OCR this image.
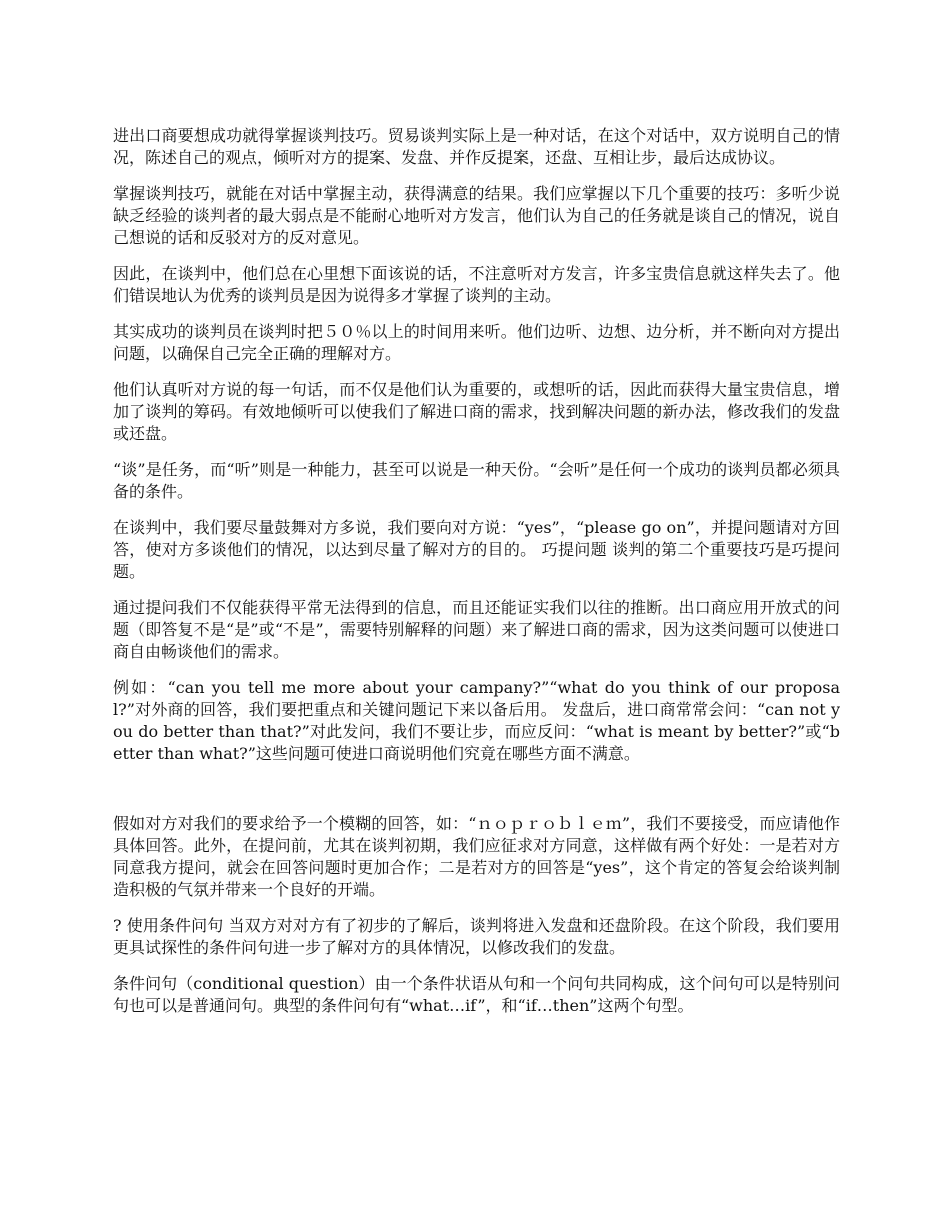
进出口商要想成功就得掌握谈判技巧。贸易谈判实际上是一种对话，在这个对话中，双方说明自己的情况，陈述自己的观点，倾听对方的提案、发盘、并作反提案，还盘、互相让步，最后达成协议。

掌握谈判技巧，就能在对话中掌握主动，获得满意的结果。我们应掌握以下几个重要的技巧：多听少说缺乏经验的谈判者的最大弱点是不能耐心地听对方发言，他们认为自己的任务就是谈自己的情况，说自己想说的话和反驳对方的反对意见。

因此，在谈判中，他们总在心里想下面该说的话，不注意听对方发言，许多宝贵信息就这样失去了。他们错误地认为优秀的谈判员是因为说得多才掌握了谈判的主动。

其实成功的谈判员在谈判时把５０％以上的时间用来听。他们边听、边想、边分析，并不断向对方提出问题，以确保自己完全正确的理解对方。

他们认真听对方说的每一句话，而不仅是他们认为重要的，或想听的话，因此而获得大量宝贵信息，增加了谈判的筹码。有效地倾听可以使我们了解进口商的需求，找到解决问题的新办法，修改我们的发盘或还盘。

“谈”是任务，而“听”则是一种能力，甚至可以说是一种天份。“会听”是任何一个成功的谈判员都必须具备的条件。

在谈判中，我们要尽量鼓舞对方多说，我们要向对方说：“yes”，“please go on”，并提问题请对方回答，使对方多谈他们的情况，以达到尽量了解对方的目的。 巧提问题 谈判的第二个重要技巧是巧提问题。

通过提问我们不仅能获得平常无法得到的信息，而且还能证实我们以往的推断。出口商应用开放式的问题（即答复不是“是”或“不是”，需要特别解释的问题）来了解进口商的需求，因为这类问题可以使进口商自由畅谈他们的需求。

例如：“can you tell me more about your campany?”“what do you think of our proposal?”对外商的回答，我们要把重点和关键问题记下来以备后用。 发盘后，进口商常常会问：“can not you do better than that?”对此发问，我们不要让步，而应反问：“what is meant by better?”或“better than what?”这些问题可使进口商说明他们究竟在哪些方面不满意。

假如对方对我们的要求给予一个模糊的回答，如：“ｎｏｐｒｏｂｌｅｍ”，我们不要接受，而应请他作具体回答。此外，在提问前，尤其在谈判初期，我们应征求对方同意，这样做有两个好处：一是若对方同意我方提问，就会在回答问题时更加合作；二是若对方的回答是“yes”，这个肯定的答复会给谈判制造积极的气氛并带来一个良好的开端。

? 使用条件问句 当双方对对方有了初步的了解后，谈判将进入发盘和还盘阶段。在这个阶段，我们要用更具试探性的条件问句进一步了解对方的具体情况，以修改我们的发盘。

条件问句（conditional question）由一个条件状语从句和一个问句共同构成，这个问句可以是特别问句也可以是普通问句。典型的条件问句有“what…if”，和“if…then”这两个句型。
